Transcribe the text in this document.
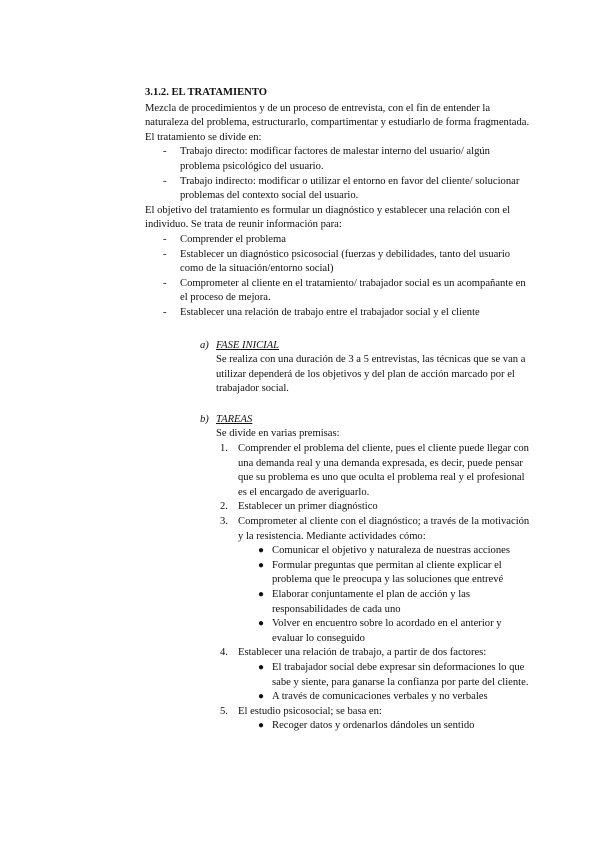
3.1.2. EL TRATAMIENTO

Mezcla de procedimientos y de un proceso de entrevista, con el fin de entender la naturaleza del problema, estructurarlo, compartimentar y estudiarlo de forma fragmentada. El tratamiento se divide en:

- Trabajo directo: modificar factores de malestar interno del usuario/ algún problema psicológico del usuario.
- Trabajo indirecto: modificar o utilizar el entorno en favor del cliente/ solucionar problemas del contexto social del usuario.

El objetivo del tratamiento es formular un diagnóstico y establecer una relación con el individuo. Se trata de reunir información para:

- Comprender el problema
- Establecer un diagnóstico psicosocial (fuerzas y debilidades, tanto del usuario como de la situación/entorno social)
- Comprometer al cliente en el tratamiento/ trabajador social es un acompañante en el proceso de mejora.
- Establecer una relación de trabajo entre el trabajador social y el cliente
a) FASE INICIAL

Se realiza con una duración de 3 a 5 entrevistas, las técnicas que se van a utilizar dependerá de los objetivos y del plan de acción marcado por el trabajador social.

b) TAREAS

Se divide en varias premisas:

1. Comprender el problema del cliente, pues el cliente puede llegar con una demanda real y una demanda expresada, es decir, puede pensar que su problema es uno que oculta el problema real y el profesional es el encargado de averiguarlo.
2. Establecer un primer diagnóstico
3. Comprometer al cliente con el diagnóstico; a través de la motivación y la resistencia. Mediante actividades cómo:
● Comunicar el objetivo y naturaleza de nuestras acciones
● Formular preguntas que permitan al cliente explicar el problema que le preocupa y las soluciones que entrevé
● Elaborar conjuntamente el plan de acción y las responsabilidades de cada uno
● Volver en encuentro sobre lo acordado en el anterior y evaluar lo conseguido
4. Establecer una relación de trabajo, a partir de dos factores:
● El trabajador social debe expresar sin deformaciones lo que sabe y siente, para ganarse la confianza por parte del cliente.
● A través de comunicaciones verbales y no verbales
5. El estudio psicosocial; se basa en:
● Recoger datos y ordenarlos dándoles un sentido
